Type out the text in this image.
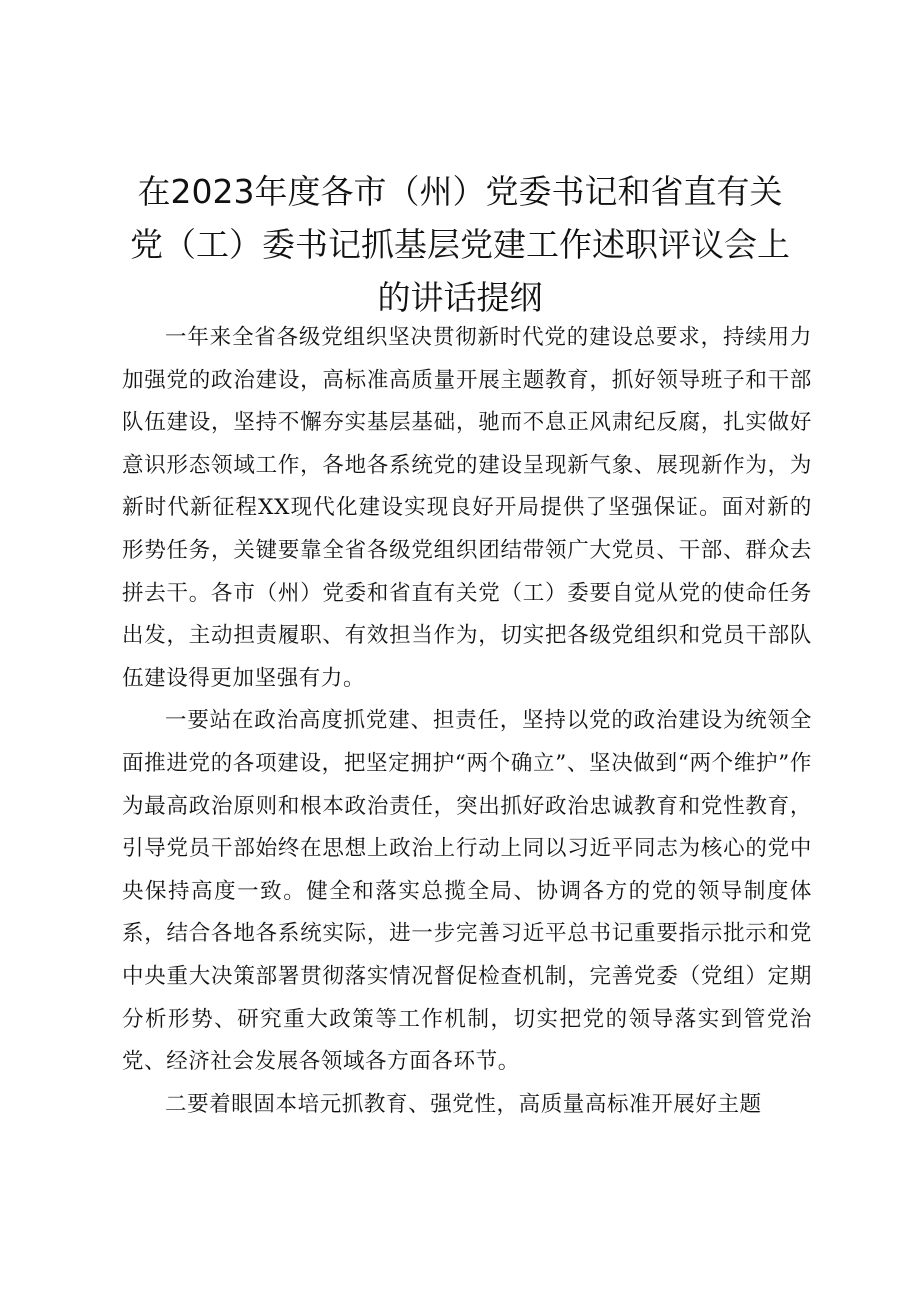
在2023年度各市（州）党委书记和省直有关
党（工）委书记抓基层党建工作述职评议会上
的讲话提纲

一年来全省各级党组织坚决贯彻新时代党的建设总要求，持续用力加强党的政治建设，高标准高质量开展主题教育，抓好领导班子和干部队伍建设，坚持不懈夯实基层基础，驰而不息正风肃纪反腐，扎实做好意识形态领域工作，各地各系统党的建设呈现新气象、展现新作为，为新时代新征程XX现代化建设实现良好开局提供了坚强保证。面对新的形势任务，关键要靠全省各级党组织团结带领广大党员、干部、群众去拼去干。各市（州）党委和省直有关党（工）委要自觉从党的使命任务出发，主动担责履职、有效担当作为，切实把各级党组织和党员干部队伍建设得更加坚强有力。

一要站在政治高度抓党建、担责任，坚持以党的政治建设为统领全面推进党的各项建设，把坚定拥护“两个确立”、坚决做到“两个维护”作为最高政治原则和根本政治责任，突出抓好政治忠诚教育和党性教育，引导党员干部始终在思想上政治上行动上同以习近平同志为核心的党中央保持高度一致。健全和落实总揽全局、协调各方的党的领导制度体系，结合各地各系统实际，进一步完善习近平总书记重要指示批示和党中央重大决策部署贯彻落实情况督促检查机制，完善党委（党组）定期分析形势、研究重大政策等工作机制，切实把党的领导落实到管党治党、经济社会发展各领域各方面各环节。

二要着眼固本培元抓教育、强党性，高质量高标准开展好主题
